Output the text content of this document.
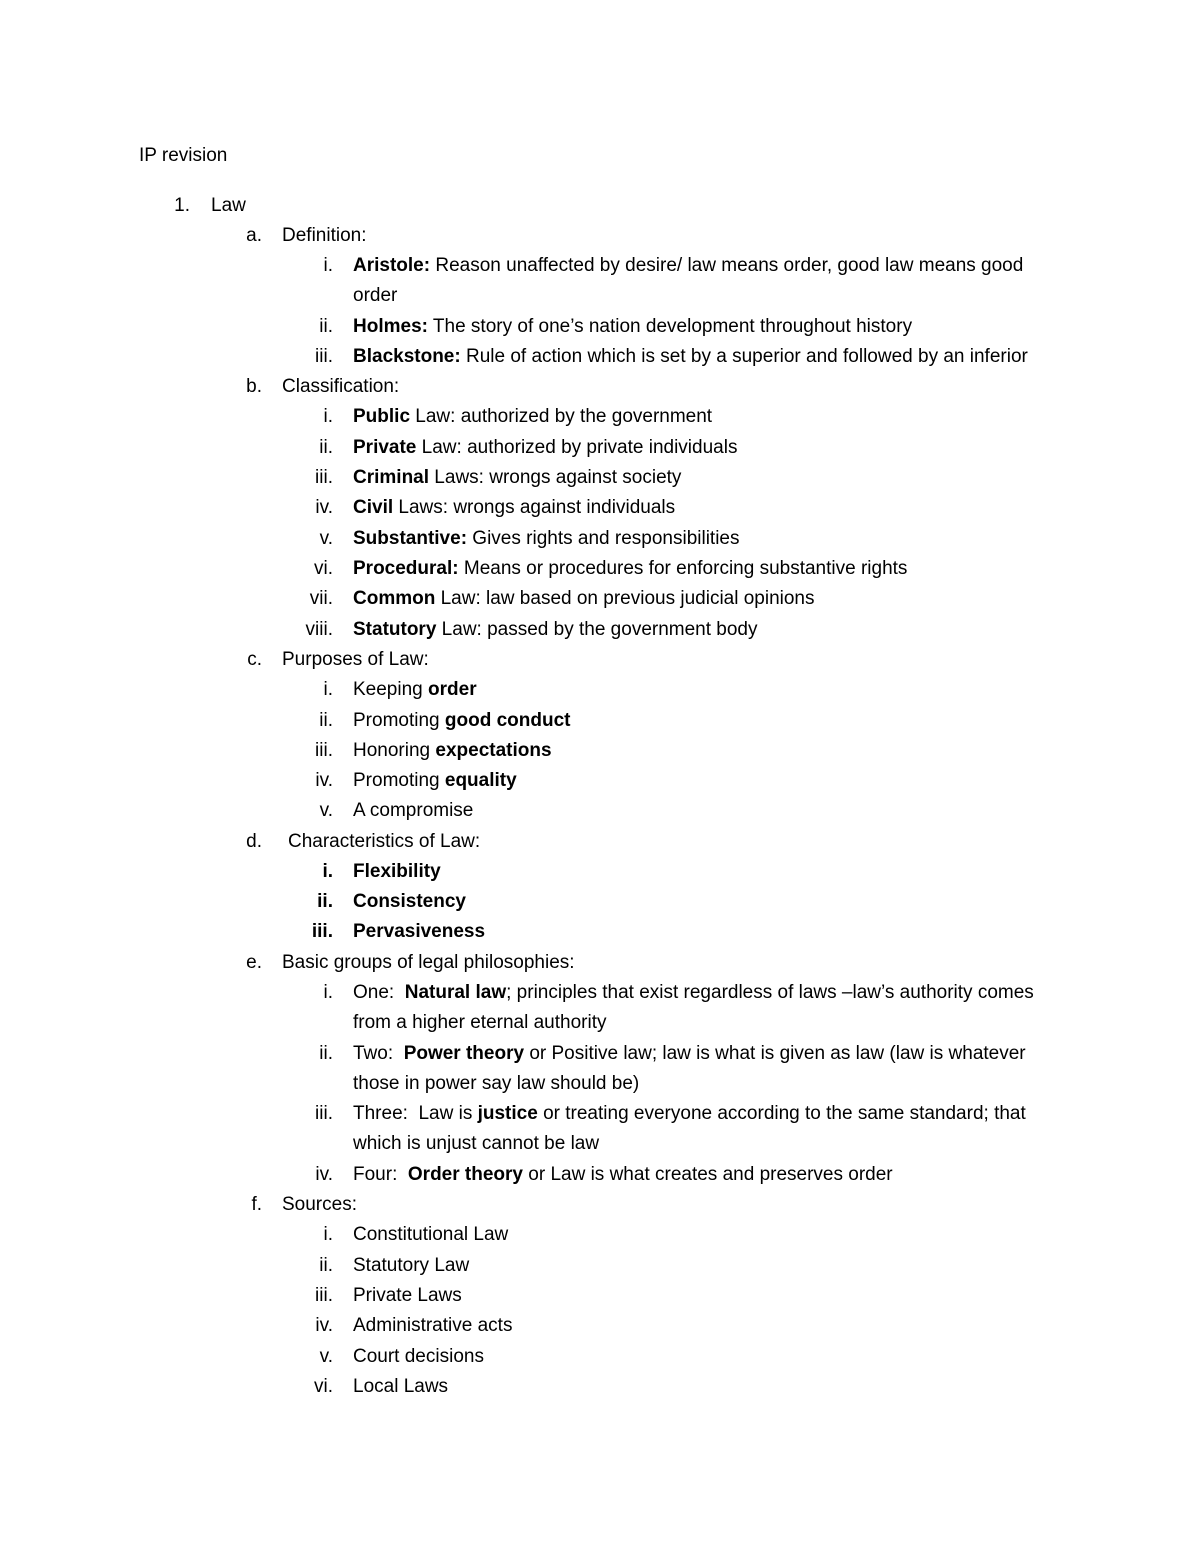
IP revision
1. Law
a. Definition:
i. Aristole: Reason unaffected by desire/ law means order, good law means good order
ii. Holmes: The story of one’s nation development throughout history
iii. Blackstone: Rule of action which is set by a superior and followed by an inferior
b. Classification:
i. Public Law: authorized by the government
ii. Private Law: authorized by private individuals
iii. Criminal Laws: wrongs against society
iv. Civil Laws: wrongs against individuals
v. Substantive: Gives rights and responsibilities
vi. Procedural: Means or procedures for enforcing substantive rights
vii. Common Law: law based on previous judicial opinions
viii. Statutory Law: passed by the government body
c. Purposes of Law:
i. Keeping order
ii. Promoting good conduct
iii. Honoring expectations
iv. Promoting equality
v. A compromise
d. Characteristics of Law:
i. Flexibility
ii. Consistency
iii. Pervasiveness
e. Basic groups of legal philosophies:
i. One:  Natural law; principles that exist regardless of laws –law’s authority comes from a higher eternal authority
ii. Two:  Power theory or Positive law; law is what is given as law (law is whatever those in power say law should be)
iii. Three:  Law is justice or treating everyone according to the same standard; that which is unjust cannot be law
iv. Four:  Order theory or Law is what creates and preserves order
f. Sources:
i. Constitutional Law
ii. Statutory Law
iii. Private Laws
iv. Administrative acts
v. Court decisions
vi. Local Laws
